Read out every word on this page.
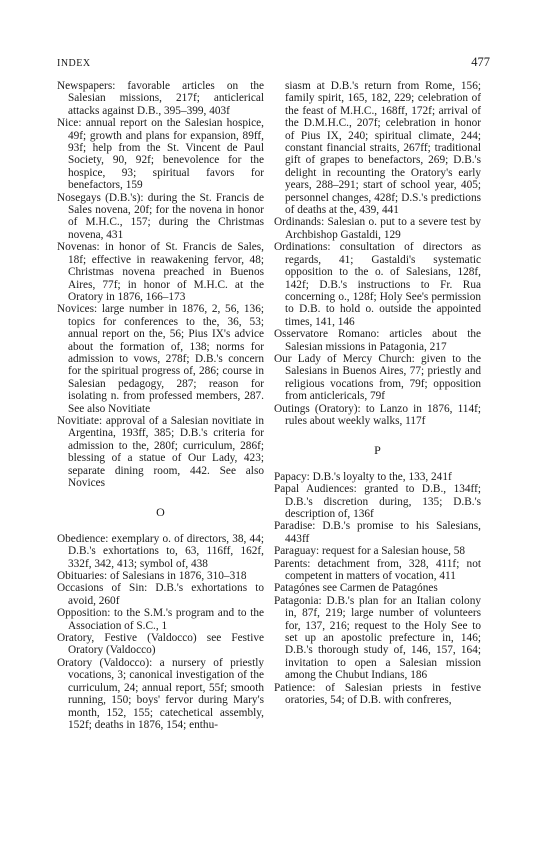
INDEX	477

Newspapers: favorable articles on the Salesian missions, 217f; anticlerical attacks against D.B., 395–399, 403f

Nice: annual report on the Salesian hospice, 49f; growth and plans for expansion, 89ff, 93f; help from the St. Vincent de Paul Society, 90, 92f; benevolence for the hospice, 93; spiritual favors for benefactors, 159

Nosegays (D.B.'s): during the St. Francis de Sales novena, 20f; for the novena in honor of M.H.C., 157; during the Christmas novena, 431

Novenas: in honor of St. Francis de Sales, 18f; effective in reawakening fervor, 48; Christmas novena preached in Buenos Aires, 77f; in honor of M.H.C. at the Oratory in 1876, 166–173

Novices: large number in 1876, 2, 56, 136; topics for conferences to the, 36, 53; annual report on the, 56; Pius IX's advice about the formation of, 138; norms for admission to vows, 278f; D.B.'s concern for the spiritual progress of, 286; course in Salesian pedagogy, 287; reason for isolating n. from professed members, 287. See also Novitiate

Novitiate: approval of a Salesian novitiate in Argentina, 193ff, 385; D.B.'s criteria for admission to the, 280f; curriculum, 286f; blessing of a statue of Our Lady, 423; separate dining room, 442. See also Novices

O

Obedience: exemplary o. of directors, 38, 44; D.B.'s exhortations to, 63, 116ff, 162f, 332f, 342, 413; symbol of, 438

Obituaries: of Salesians in 1876, 310–318

Occasions of Sin: D.B.'s exhortations to avoid, 260f

Opposition: to the S.M.'s program and to the Association of S.C., 1

Oratory, Festive (Valdocco) see Festive Oratory (Valdocco)

Oratory (Valdocco): a nursery of priestly vocations, 3; canonical investigation of the curriculum, 24; annual report, 55f; smooth running, 150; boys' fervor during Mary's month, 152, 155; catechetical assembly, 152f; deaths in 1876, 154; enthu-

siasm at D.B.'s return from Rome, 156; family spirit, 165, 182, 229; celebration of the feast of M.H.C., 168ff, 172f; arrival of the D.M.H.C., 207f; celebration in honor of Pius IX, 240; spiritual climate, 244; constant financial straits, 267ff; traditional gift of grapes to benefactors, 269; D.B.'s delight in recounting the Oratory's early years, 288–291; start of school year, 405; personnel changes, 428f; D.S.'s predictions of deaths at the, 439, 441

Ordinands: Salesian o. put to a severe test by Archbishop Gastaldi, 129

Ordinations: consultation of directors as regards, 41; Gastaldi's systematic opposition to the o. of Salesians, 128f, 142f; D.B.'s instructions to Fr. Rua concerning o., 128f; Holy See's permission to D.B. to hold o. outside the appointed times, 141, 146

Osservatore Romano: articles about the Salesian missions in Patagonia, 217

Our Lady of Mercy Church: given to the Salesians in Buenos Aires, 77; priestly and religious vocations from, 79f; opposition from anticlericals, 79f

Outings (Oratory): to Lanzo in 1876, 114f; rules about weekly walks, 117f

P

Papacy: D.B.'s loyalty to the, 133, 241f

Papal Audiences: granted to D.B., 134ff; D.B.'s discretion during, 135; D.B.'s description of, 136f

Paradise: D.B.'s promise to his Salesians, 443ff

Paraguay: request for a Salesian house, 58

Parents: detachment from, 328, 411f; not competent in matters of vocation, 411

Patagónes see Carmen de Patagónes

Patagonia: D.B.'s plan for an Italian colony in, 87f, 219; large number of volunteers for, 137, 216; request to the Holy See to set up an apostolic prefecture in, 146; D.B.'s thorough study of, 146, 157, 164; invitation to open a Salesian mission among the Chubut Indians, 186

Patience: of Salesian priests in festive oratories, 54; of D.B. with confreres,
